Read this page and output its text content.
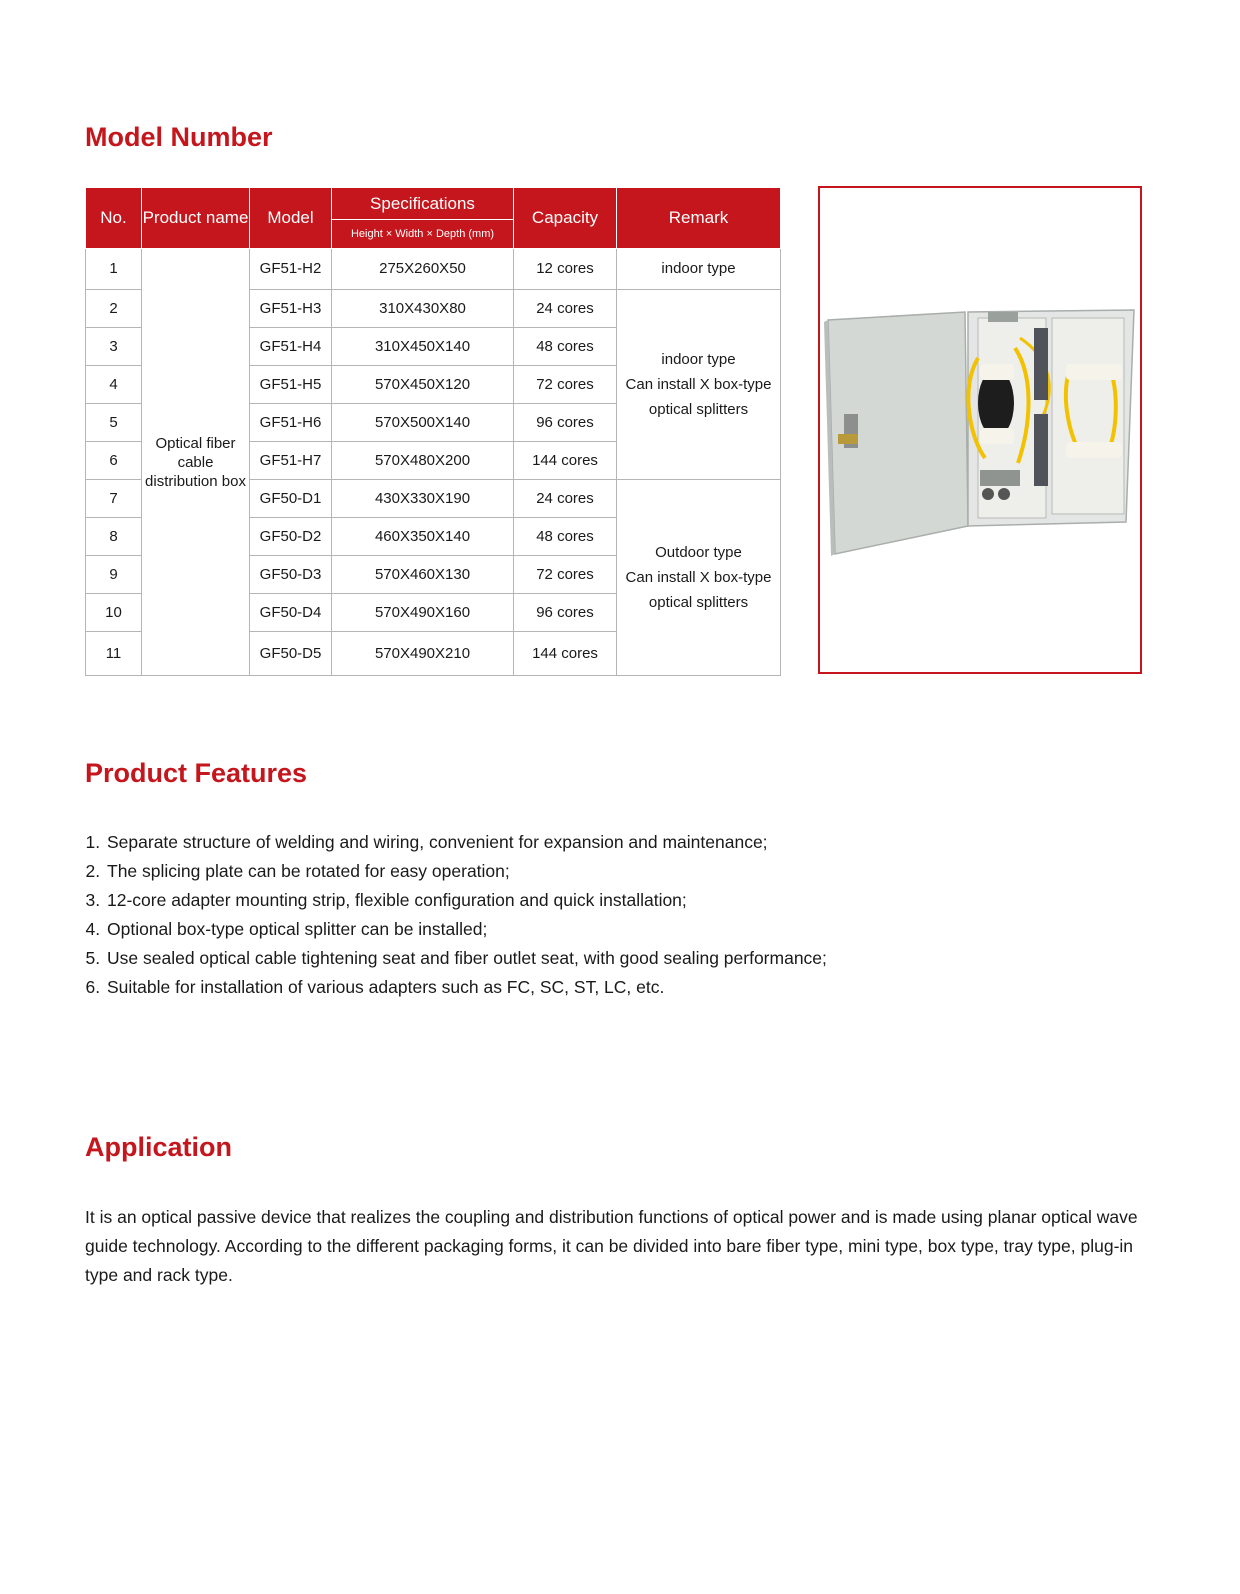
Model Number
No.	Product name	Model	Specifications	Capacity	Remark
			Height × Width × Depth (mm)		
1	Optical fiber cable distribution box	GF51-H2	275X260X50	12 cores	indoor type
2		GF51-H3	310X430X80	24 cores	indoor type
Can install X box-type
optical splitters

3		GF51-H4	310X450X140	48 cores	
4		GF51-H5	570X450X120	72 cores	
5		GF51-H6	570X500X140	96 cores	
6		GF51-H7	570X480X200	144 cores	
7		GF50-D1	430X330X190	24 cores	Outdoor type
Can install X box-type
optical splitters

8		GF50-D2	460X350X140	48 cores	
9		GF50-D3	570X460X130	72 cores	
10		GF50-D4	570X490X160	96 cores	
11		GF50-D5	570X490X210	144 cores	
Product Features
1. Separate structure of welding and wiring, convenient for expansion and maintenance;
2. The splicing plate can be rotated for easy operation;
3. 12-core adapter mounting strip, flexible configuration and quick installation;
4. Optional box-type optical splitter can be installed;
5. Use sealed optical cable tightening seat and fiber outlet seat, with good sealing performance;
6. Suitable for installation of various adapters such as FC, SC, ST, LC, etc.
Application

It is an optical passive device that realizes the coupling and distribution functions of optical power and is made using planar optical wave guide technology. According to the different packaging forms, it can be divided into bare fiber type, mini type, box type, tray type, plug-in type and rack type.
